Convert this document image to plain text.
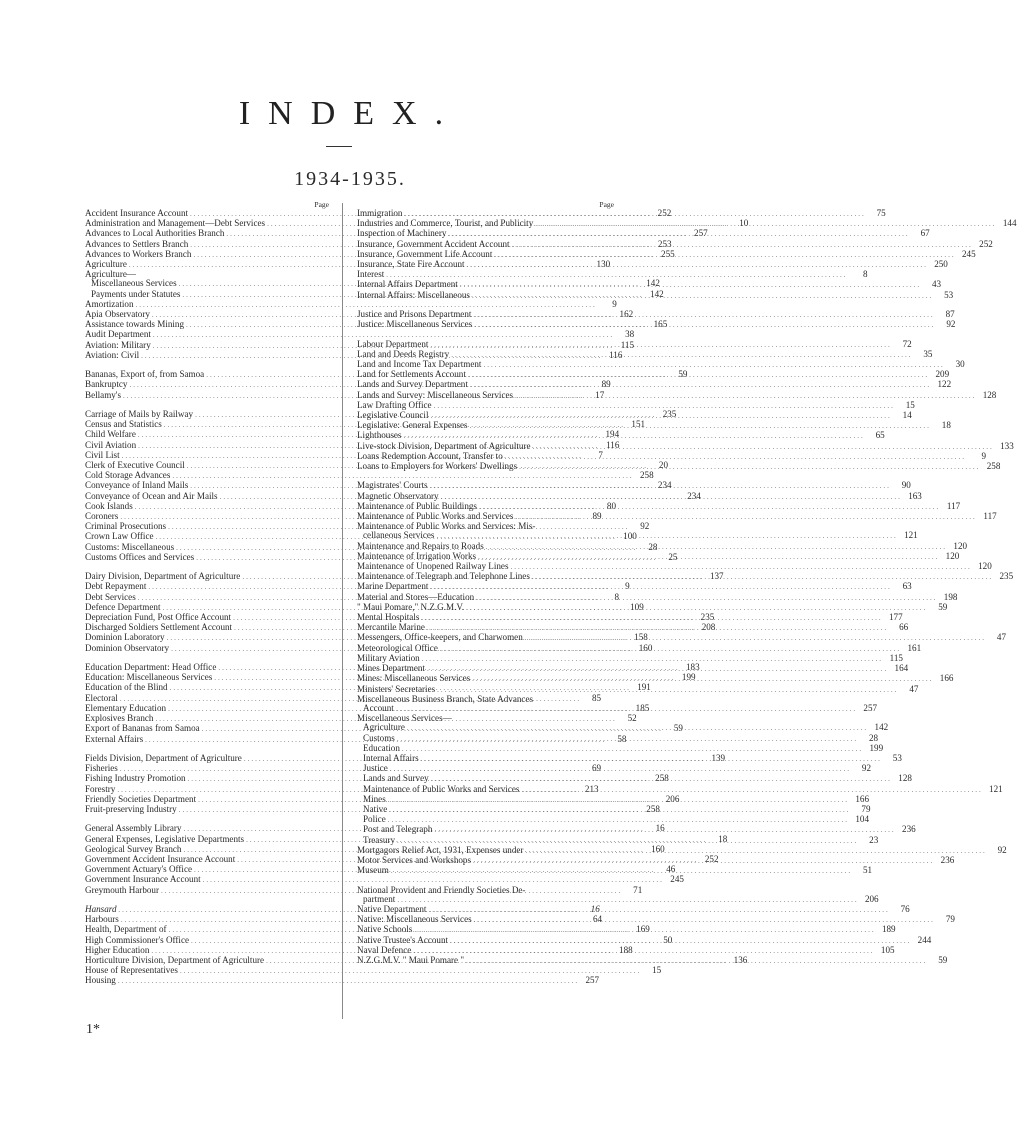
INDEX.
1934-1935.
Page
Accident Insurance Account .....	252
Administration and Management—Debt Services .....	10
Advances to Local Authorities Branch .....	257
Advances to Settlers Branch .....	253
Advances to Workers Branch .....	255
Agriculture .....	130
Agriculture—
Miscellaneous Services .....	142
Payments under Statutes .....	142
Amortization .....	9
Apia Observatory .....	162
Assistance towards Mining .....	165
Audit Department .....	38
Aviation: Military .....	115
Aviation: Civil .....	116
Bananas, Export of, from Samoa .....	59
Bankruptcy .....	89
Bellamy's .....	17
Carriage of Mails by Railway .....	235
Census and Statistics .....	151
Child Welfare .....	194
Civil Aviation .....	116
Civil List .....	7
Clerk of Executive Council .....	20
Cold Storage Advances .....	258
Conveyance of Inland Mails .....	234
Conveyance of Ocean and Air Mails .....	234
Cook Islands .....	80
Coroners .....	89
Criminal Prosecutions .....	92
Crown Law Office .....	100
Customs: Miscellaneous .....	28
Customs Offices and Services .....	25
Dairy Division, Department of Agriculture .....	137
Debt Repayment .....	9
Debt Services .....	8
Defence Department .....	109
Depreciation Fund, Post Office Account .....	235
Discharged Soldiers Settlement Account .....	208
Dominion Laboratory .....	158
Dominion Observatory .....	160
Education Department: Head Office .....	183
Education: Miscellaneous Services .....	199
Education of the Blind .....	191
Electoral .....	85
Elementary Education .....	185
Explosives Branch .....	52
Export of Bananas from Samoa .....	59
External Affairs .....	58
Fields Division, Department of Agriculture .....	139
Fisheries .....	69
Fishing Industry Promotion .....	258
Forestry .....	213
Friendly Societies Department .....	206
Fruit-preserving Industry .....	258
General Assembly Library .....	16
General Expenses, Legislative Departments .....	18
Geological Survey Branch .....	160
Government Accident Insurance Account .....	252
Government Actuary's Office .....	46
Government Insurance Account .....	245
Greymouth Harbour .....	71
Hansard .....	16
Harbours .....	64
Health, Department of .....	169
High Commissioner's Office .....	50
Higher Education .....	188
Horticulture Division, Department of Agriculture .....	136
House of Representatives .....	15
Housing .....	257
Page
Immigration .....	75
Industries and Commerce, Tourist, and Publicity .....	144
Inspection of Machinery .....	67
Insurance, Government Accident Account .....	252
Insurance, Government Life Account .....	245
Insurance, State Fire Account .....	250
Interest .....	8
Internal Affairs Department .....	43
Internal Affairs: Miscellaneous .....	53
Justice and Prisons Department .....	87
Justice: Miscellaneous Services .....	92
Labour Department .....	72
Land and Deeds Registry .....	35
Land and Income Tax Department .....	30
Land for Settlements Account .....	209
Lands and Survey Department .....	122
Lands and Survey: Miscellaneous Services .....	128
Law Drafting Office .....	15
Legislative Council .....	14
Legislative: General Expenses .....	18
Lighthouses .....	65
Live-stock Division, Department of Agriculture .....	133
Loans Redemption Account, Transfer to .....	9
Loans to Employers for Workers' Dwellings .....	258
Magistrates' Courts .....	90
Magnetic Observatory .....	163
Maintenance of Public Buildings .....	117
Maintenance of Public Works and Services .....	117
Maintenance of Public Works and Services: Mis-
cellaneous Services .....	121
Maintenance and Repairs to Roads .....	120
Maintenance of Irrigation Works .....	120
Maintenance of Unopened Railway Lines .....	120
Maintenance of Telegraph and Telephone Lines .....	235
Marine Department .....	63
Material and Stores—Education .....	198
" Maui Pomare," N.Z.G.M.V. .....	59
Mental Hospitals .....	177
Mercantile Marine .....	66
Messengers, Office-keepers, and Charwomen .....	47
Meteorological Office .....	161
Military Aviation .....	115
Mines Department .....	164
Mines: Miscellaneous Services .....	166
Ministers' Secretaries .....	47
Miscellaneous Business Branch, State Advances
Account .....	257
Miscellaneous Services—
Agriculture .....	142
Customs .....	28
Education .....	199
Internal Affairs .....	53
Justice .....	92
Lands and Survey .....	128
Maintenance of Public Works and Services .....	121
Mines .....	166
Native .....	79
Police .....	104
Post and Telegraph .....	236
Treasury .....	23
Mortgagors Relief Act, 1931, Expenses under .....	92
Motor Services and Workshops .....	236
Museum .....	51
National Provident and Friendly Societies De-
partment .....	206
Native Department .....	76
Native: Miscellaneous Services .....	79
Native Schools .....	189
Native Trustee's Account .....	244
Naval Defence .....	105
N.Z.G.M.V. " Maui Pomare " .....	59
1*
